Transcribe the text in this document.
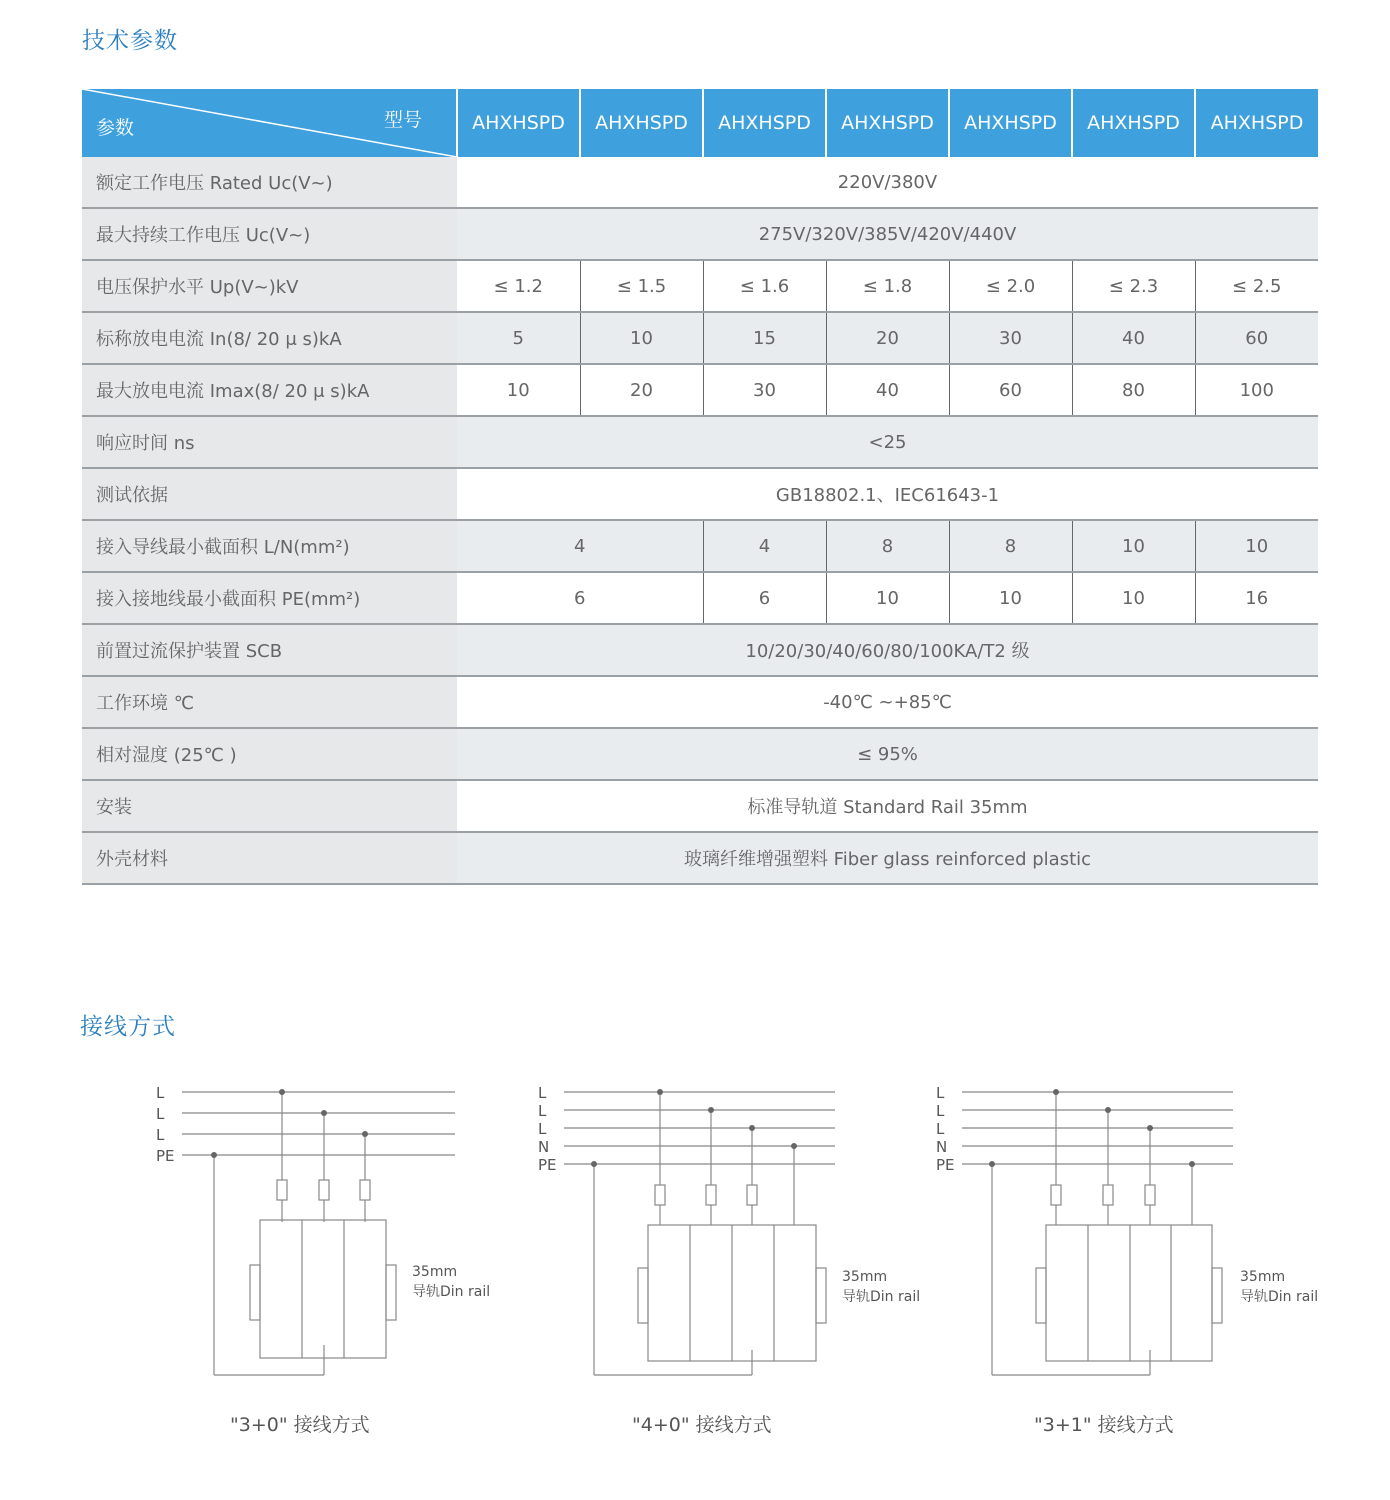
技术参数
参数 型号	AHXHSPD	AHXHSPD	AHXHSPD	AHXHSPD	AHXHSPD	AHXHSPD	AHXHSPD
额定工作电压 Rated Uc(V~)	220V/380V						
最大持续工作电压 Uc(V~)	275V/320V/385V/420V/440V						
电压保护水平 Up(V~)kV	≤ 1.2	≤ 1.5	≤ 1.6	≤ 1.8	≤ 2.0	≤ 2.3	≤ 2.5
标称放电电流 In(8/ 20 μ s)kA	5	10	15	20	30	40	60
最大放电电流 Imax(8/ 20 μ s)kA	10	20	30	40	60	80	100
响应时间 ns	<25						
测试依据	GB18802.1、IEC61643-1						
接入导线最小截面积 L/N(mm²)	4		4	8	8	10	10
接入接地线最小截面积 PE(mm²)	6		6	10	10	10	16
前置过流保护装置 SCB	10/20/30/40/60/80/100KA/T2 级						
工作环境 ℃	-40℃ ~+85℃						
相对湿度 (25℃ )	≤ 95%						
安装	标准导轨道 Standard Rail 35mm						
外壳材料	玻璃纤维增强塑料 Fiber glass reinforced plastic						
接线方式
L
L
L
PE
35mm
导轨Din rail
"3+0" 接线方式
L
L
L
N
PE
35mm
导轨Din rail
"4+0" 接线方式
L
L
L
N
PE
35mm
导轨Din rail
"3+1" 接线方式
